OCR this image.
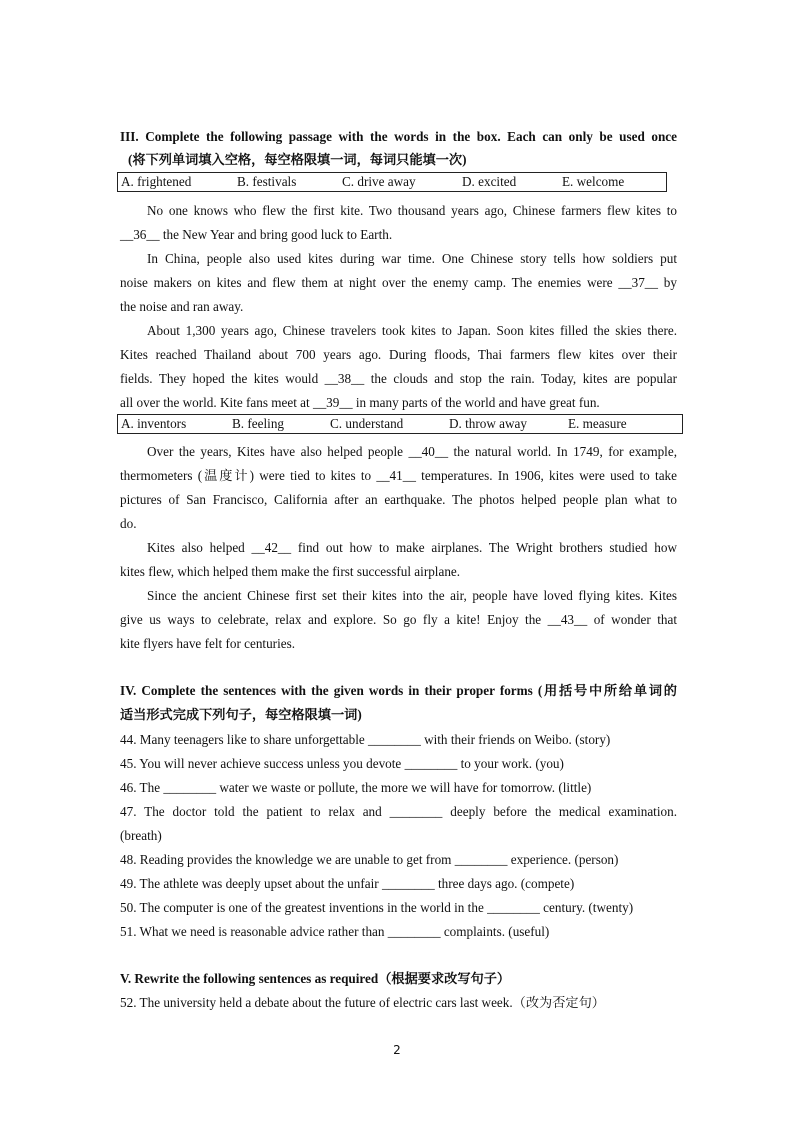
III. Complete the following passage with the words in the box. Each can only be used once
(将下列单词填入空格，每空格限填一词，每词只能填一次)
A. frightened	B. festivals	C. drive away	D. excited	E. welcome
No one knows who flew the first kite. Two thousand years ago, Chinese farmers flew kites to
__36__ the New Year and bring good luck to Earth.
In China, people also used kites during war time. One Chinese story tells how soldiers put
noise makers on kites and flew them at night over the enemy camp. The enemies were __37__ by
the noise and ran away.
About 1,300 years ago, Chinese travelers took kites to Japan. Soon kites filled the skies there.
Kites reached Thailand about 700 years ago. During floods, Thai farmers flew kites over their
fields. They hoped the kites would __38__ the clouds and stop the rain. Today, kites are popular
all over the world. Kite fans meet at __39__ in many parts of the world and have great fun.
A. inventors	B. feeling	C. understand	D. throw away	E. measure
Over the years, Kites have also helped people __40__ the natural world. In 1749, for example,
thermometers (温度计) were tied to kites to __41__ temperatures. In 1906, kites were used to take
pictures of San Francisco, California after an earthquake. The photos helped people plan what to
do.
Kites also helped __42__ find out how to make airplanes. The Wright brothers studied how
kites flew, which helped them make the first successful airplane.
Since the ancient Chinese first set their kites into the air, people have loved flying kites. Kites
give us ways to celebrate, relax and explore. So go fly a kite! Enjoy the __43__ of wonder that
kite flyers have felt for centuries.
IV. Complete the sentences with the given words in their proper forms (用括号中所给单词的
适当形式完成下列句子，每空格限填一词)
44. Many teenagers like to share unforgettable ________ with their friends on Weibo. (story)
45. You will never achieve success unless you devote ________ to your work. (you)
46. The ________ water we waste or pollute, the more we will have for tomorrow. (little)
47. The doctor told the patient to relax and ________ deeply before the medical examination.
(breath)
48. Reading provides the knowledge we are unable to get from ________ experience. (person)
49. The athlete was deeply upset about the unfair ________ three days ago. (compete)
50. The computer is one of the greatest inventions in the world in the ________ century. (twenty)
51. What we need is reasonable advice rather than ________ complaints. (useful)
V. Rewrite the following sentences as required（根据要求改写句子）
52. The university held a debate about the future of electric cars last week.（改为否定句）
2
